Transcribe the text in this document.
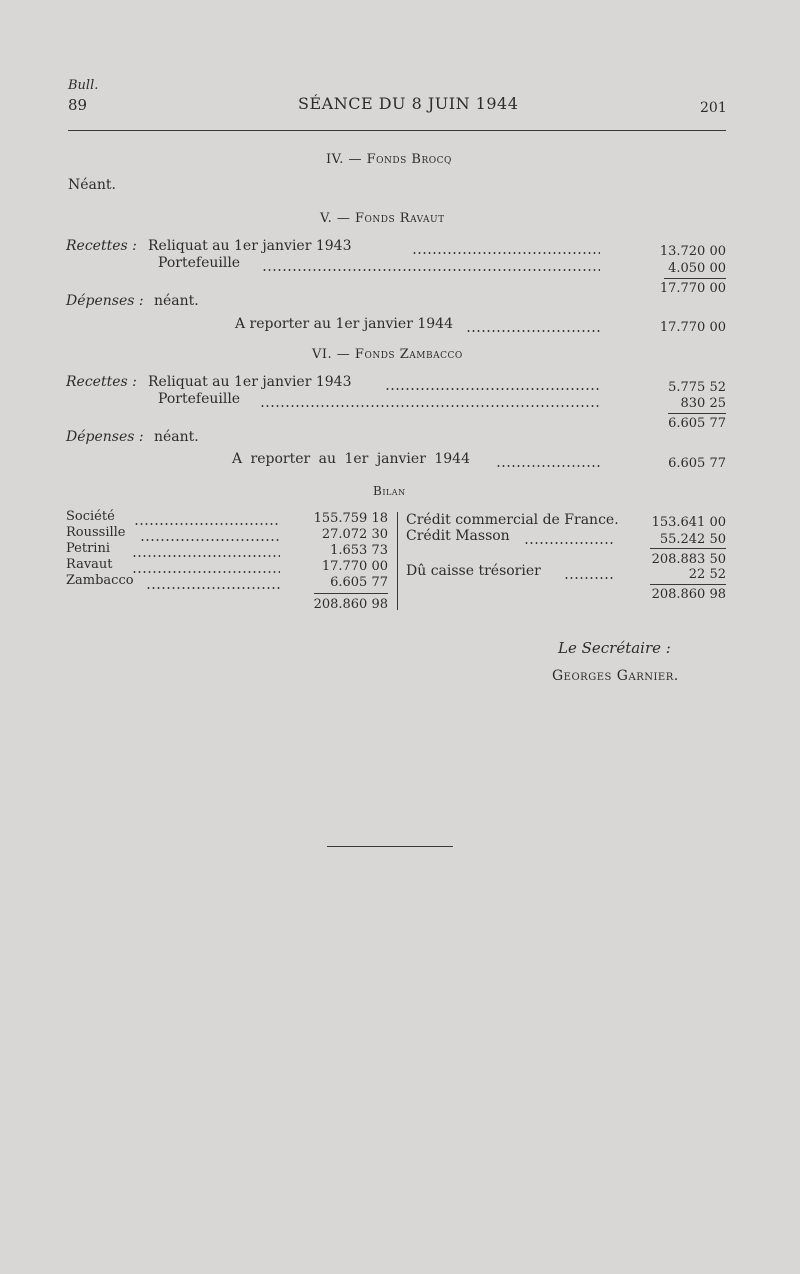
Bull.
89	SÉANCE DU 8 JUIN 1944	201
IV. — Fonds Brocq
Néant.
V. — Fonds Ravaut
Recettes : Reliquat au 1er janvier 1943	13.720 00
Portefeuille	4.050 00
17.770 00
Dépenses : néant.
A reporter au 1er janvier 1944	17.770 00
VI. — Fonds Zambacco
Recettes : Reliquat au 1er janvier 1943	5.775 52
Portefeuille	830 25
6.605 77
Dépenses : néant.
A reporter au 1er janvier 1944	6.605 77
Bilan
Société	155.759 18
Roussille	27.072 30
Petrini	1.653 73
Ravaut	17.770 00
Zambacco	6.605 77
208.860 98
Crédit commercial de France.	153.641 00
Crédit Masson	55.242 50
208.883 50
Dû caisse trésorier	22 52
208.860 98
Le Secrétaire :
Georges Garnier.
